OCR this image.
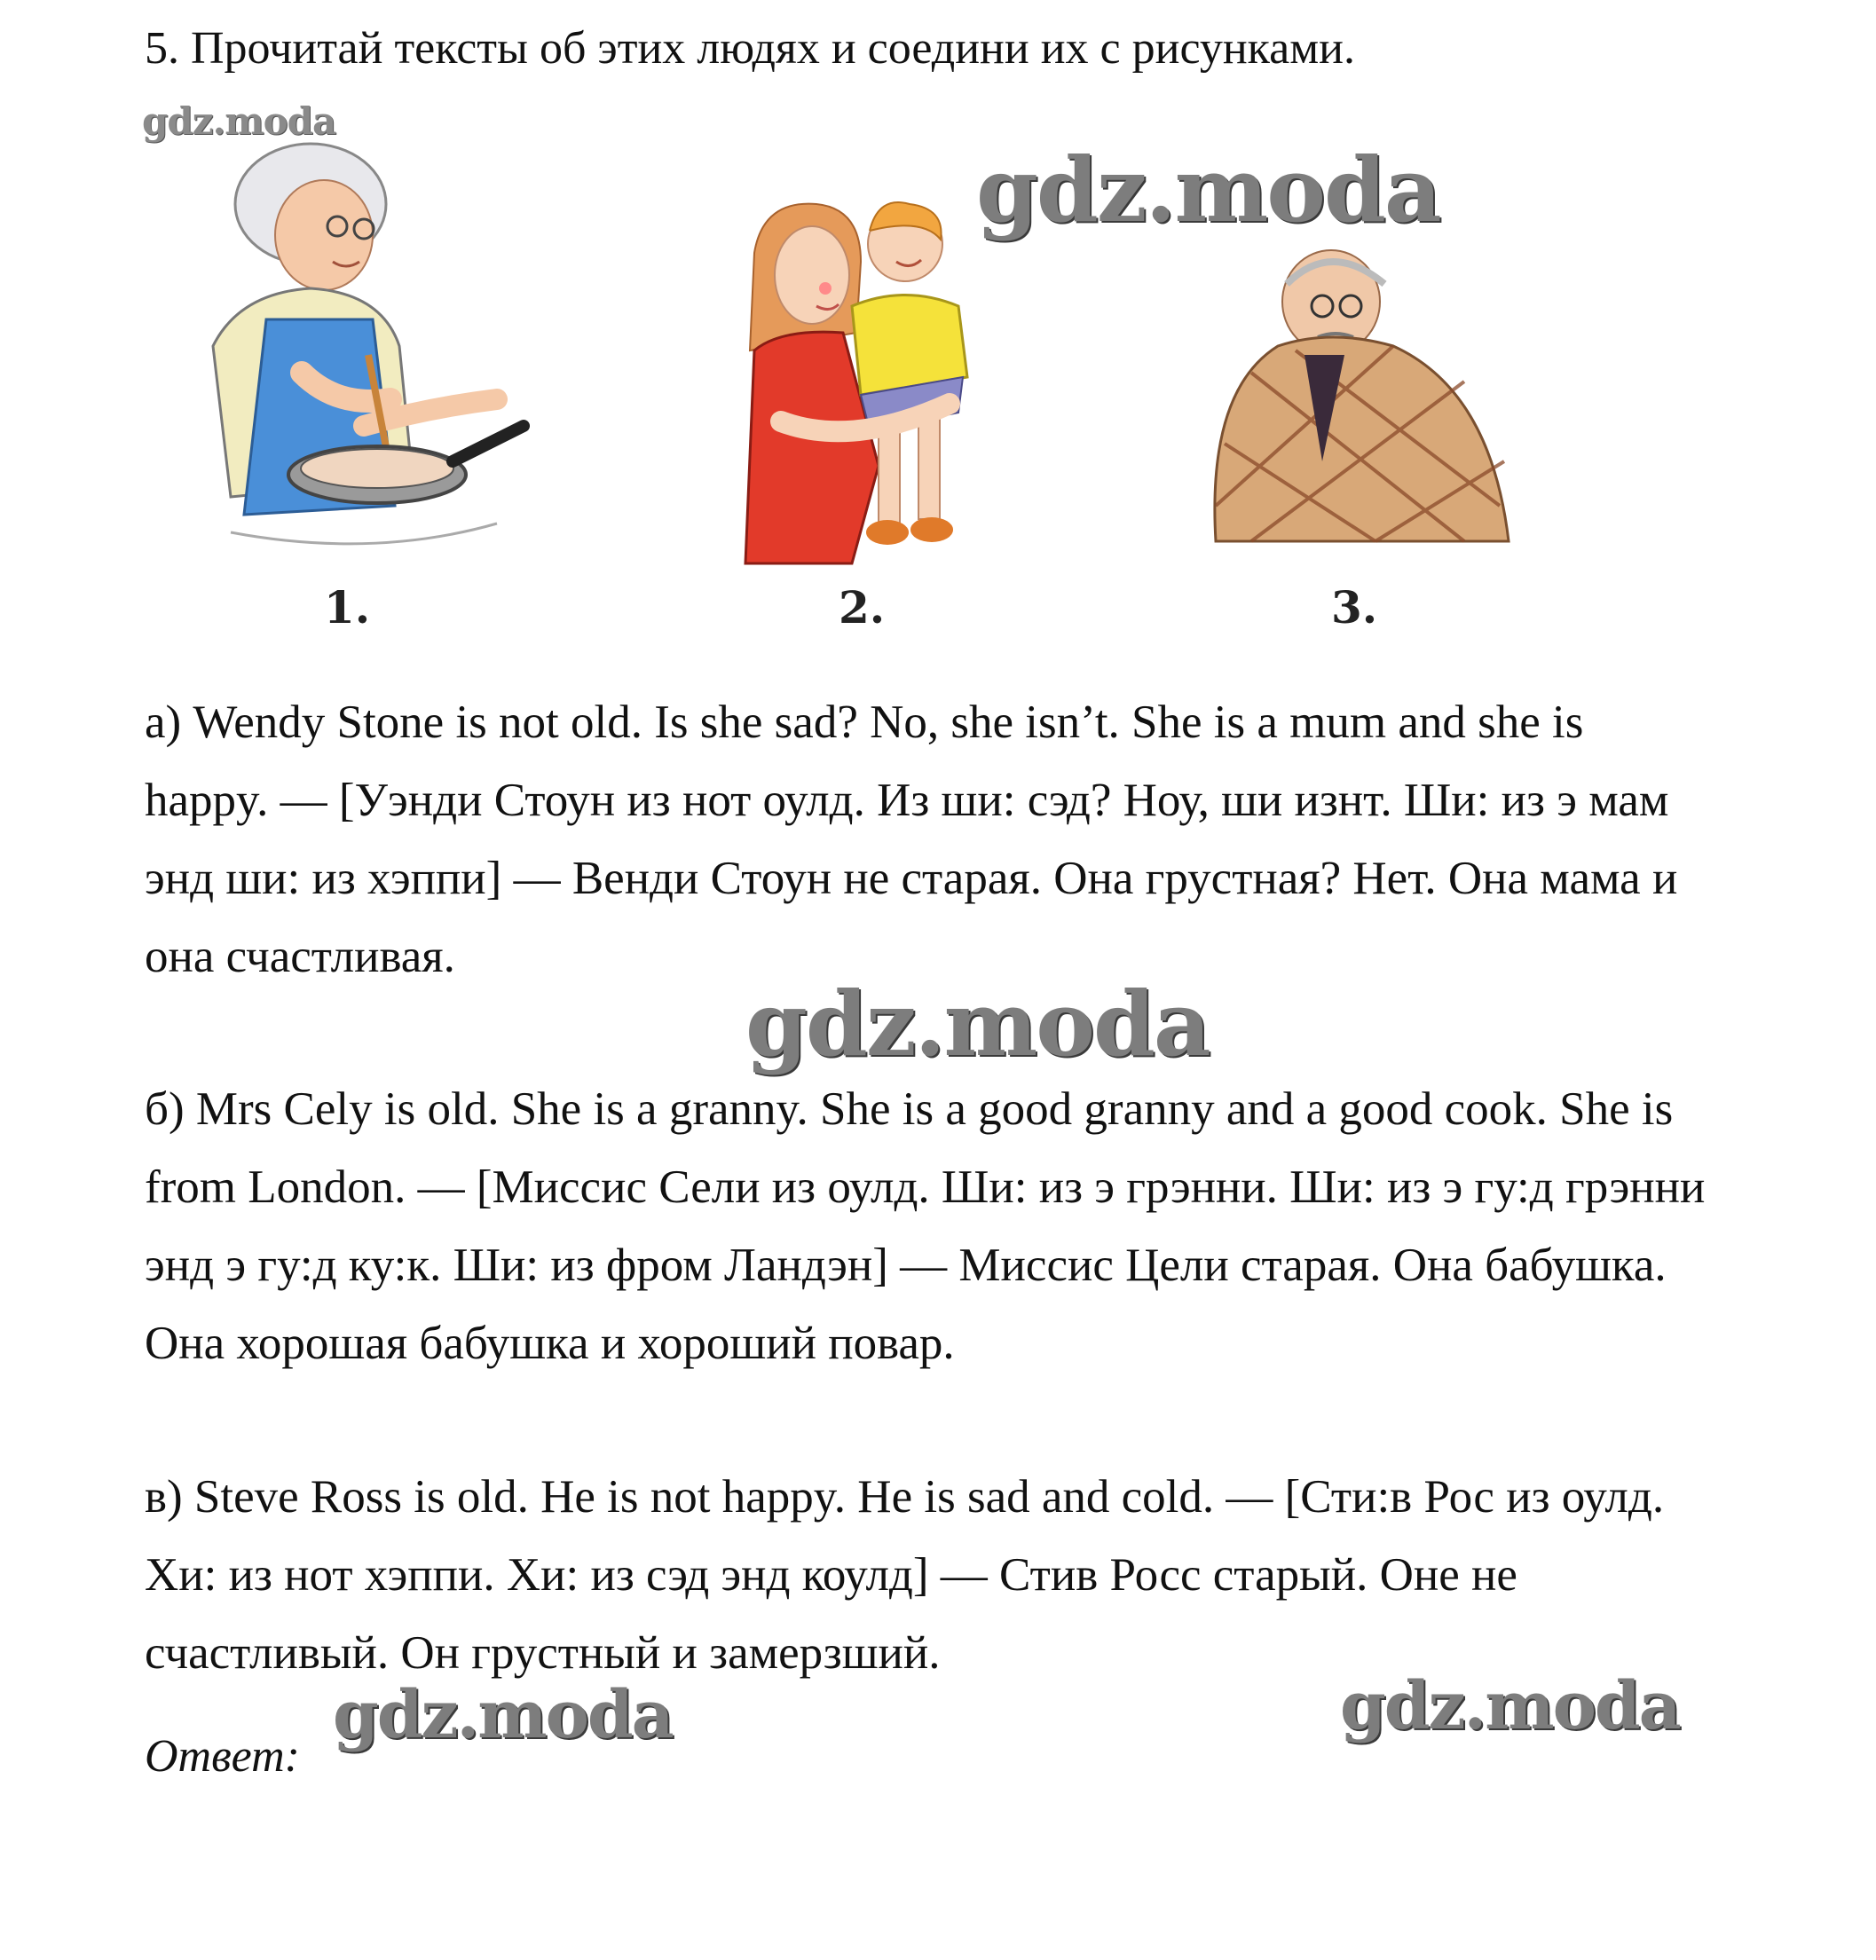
5. Прочитай тексты об этих людях и соедини их с рисунками.
gdz.moda
gdz.moda
1.	2.	3.

а) Wendy Stone is not old. Is she sad? No, she isn’t. She is a mum and she is happy. — [Уэнди Стоун из нот оулд. Из ши: сэд? Ноу, ши изнт. Ши: из э мам энд ши: из хэппи] — Венди Стоун не старая. Она грустная? Нет. Она мама и она счастливая.

gdz.moda

б) Mrs Cely is old. She is a granny. She is a good granny and a good cook. She is from London. — [Миссис Сели из оулд. Ши: из э грэнни. Ши: из э гу:д грэнни энд э гу:д ку:к. Ши: из фром Ландэн] — Миссис Цели старая. Она бабушка. Она хорошая бабушка и хороший повар.

в) Steve Ross is old. He is not happy. He is sad and cold. — [Сти:в Рос из оулд. Хи: из нот хэппи. Хи: из сэд энд коулд] — Стив Росс старый. Оне не счастливый. Он грустный и замерзший.

gdz.moda	gdz.moda
Ответ:
